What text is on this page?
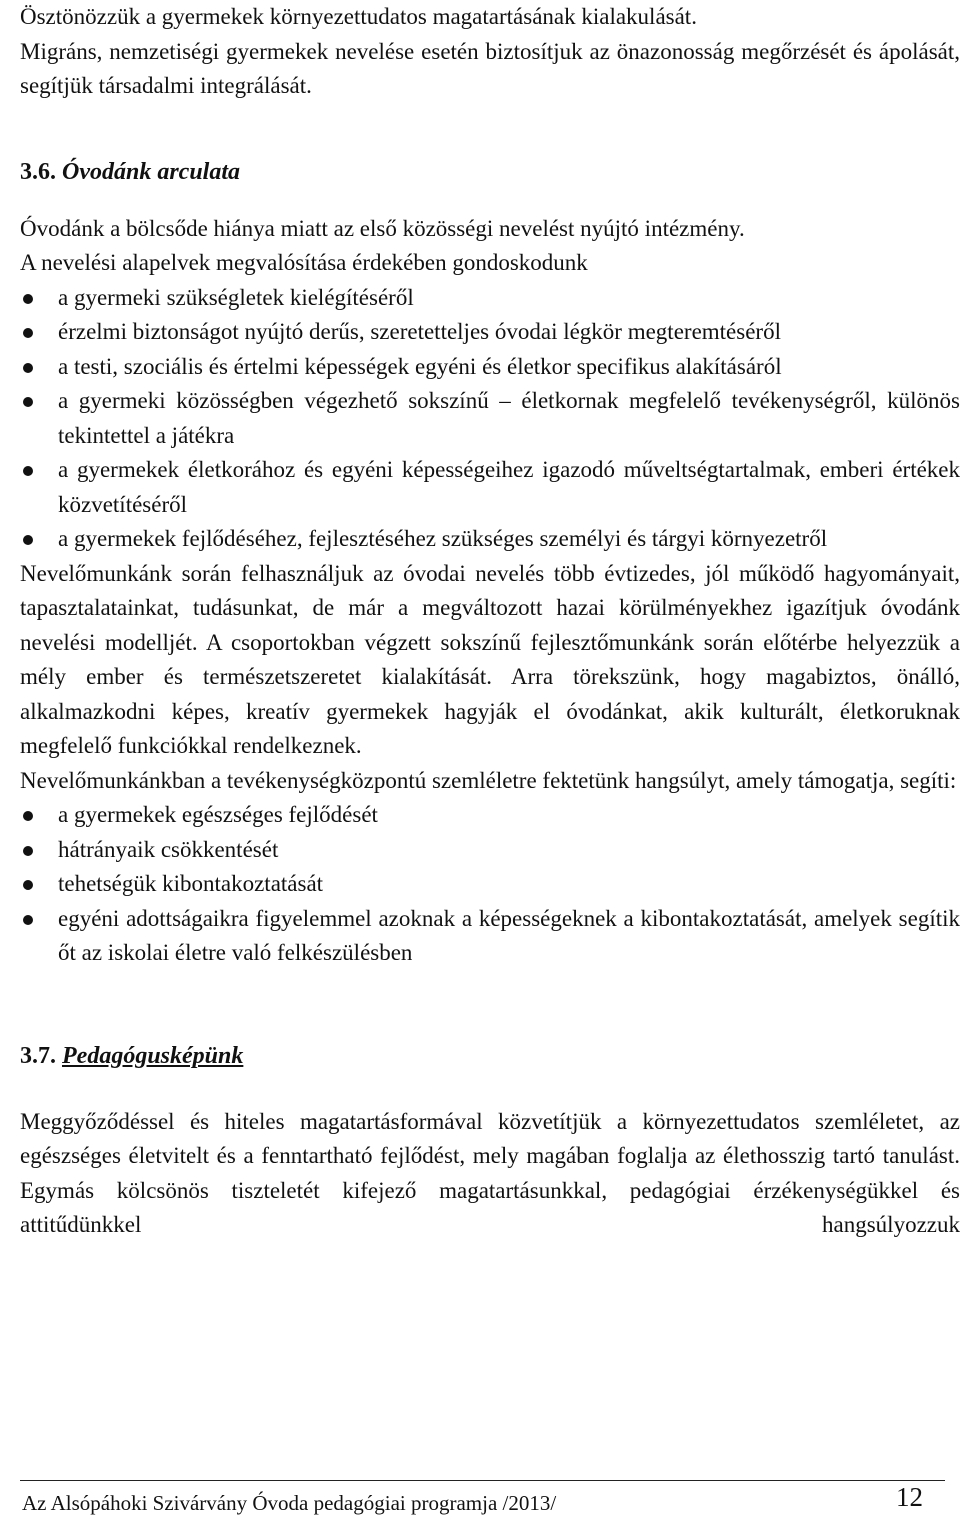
Ösztönözzük a gyermekek környezettudatos magatartásának kialakulását.
Migráns, nemzetiségi gyermekek nevelése esetén biztosítjuk az önazonosság megőrzését és ápolását, segítjük társadalmi integrálását.

3.6. Óvodánk arculata

Óvodánk a bölcsőde hiánya miatt az első közösségi nevelést nyújtó intézmény.
A nevelési alapelvek megvalósítása érdekében gondoskodunk

a gyermeki szükségletek kielégítéséről
érzelmi biztonságot nyújtó derűs, szeretetteljes óvodai légkör megteremtéséről
a testi, szociális és értelmi képességek egyéni és életkor specifikus alakításáról
a gyermeki közösségben végezhető sokszínű – életkornak megfelelő tevékenységről, különös tekintettel a játékra
a gyermekek életkorához és egyéni képességeihez igazodó műveltségtartalmak, emberi értékek közvetítéséről
a gyermekek fejlődéséhez, fejlesztéséhez szükséges személyi és tárgyi környezetről

Nevelőmunkánk során felhasználjuk az óvodai nevelés több évtizedes, jól működő hagyományait, tapasztalatainkat, tudásunkat, de már a megváltozott hazai körülményekhez igazítjuk óvodánk nevelési modelljét. A csoportokban végzett sokszínű fejlesztőmunkánk során előtérbe helyezzük a mély ember és természetszeretet kialakítását. Arra törekszünk, hogy magabiztos, önálló, alkalmazkodni képes, kreatív gyermekek hagyják el óvodánkat, akik kulturált, életkoruknak megfelelő funkciókkal rendelkeznek.

Nevelőmunkánkban a tevékenységközpontú szemléletre fektetünk hangsúlyt, amely támogatja, segíti:

a gyermekek egészséges fejlődését
hátrányaik csökkentését
tehetségük kibontakoztatását
egyéni adottságaikra figyelemmel azoknak a képességeknek a kibontakoztatását, amelyek segítik őt az iskolai életre való felkészülésben
3.7. Pedagógusképünk

Meggyőződéssel és hiteles magatartásformával közvetítjük a környezettudatos szemléletet, az egészséges életvitelt és a fenntartható fejlődést, mely magában foglalja az élethosszig tartó tanulást. Egymás kölcsönös tiszteletét kifejező magatartásunkkal, pedagógiai érzékenységükkel és attitűdünkkel hangsúlyozzuk

Az Alsópáhoki Szivárvány Óvoda pedagógiai programja /2013/	12
